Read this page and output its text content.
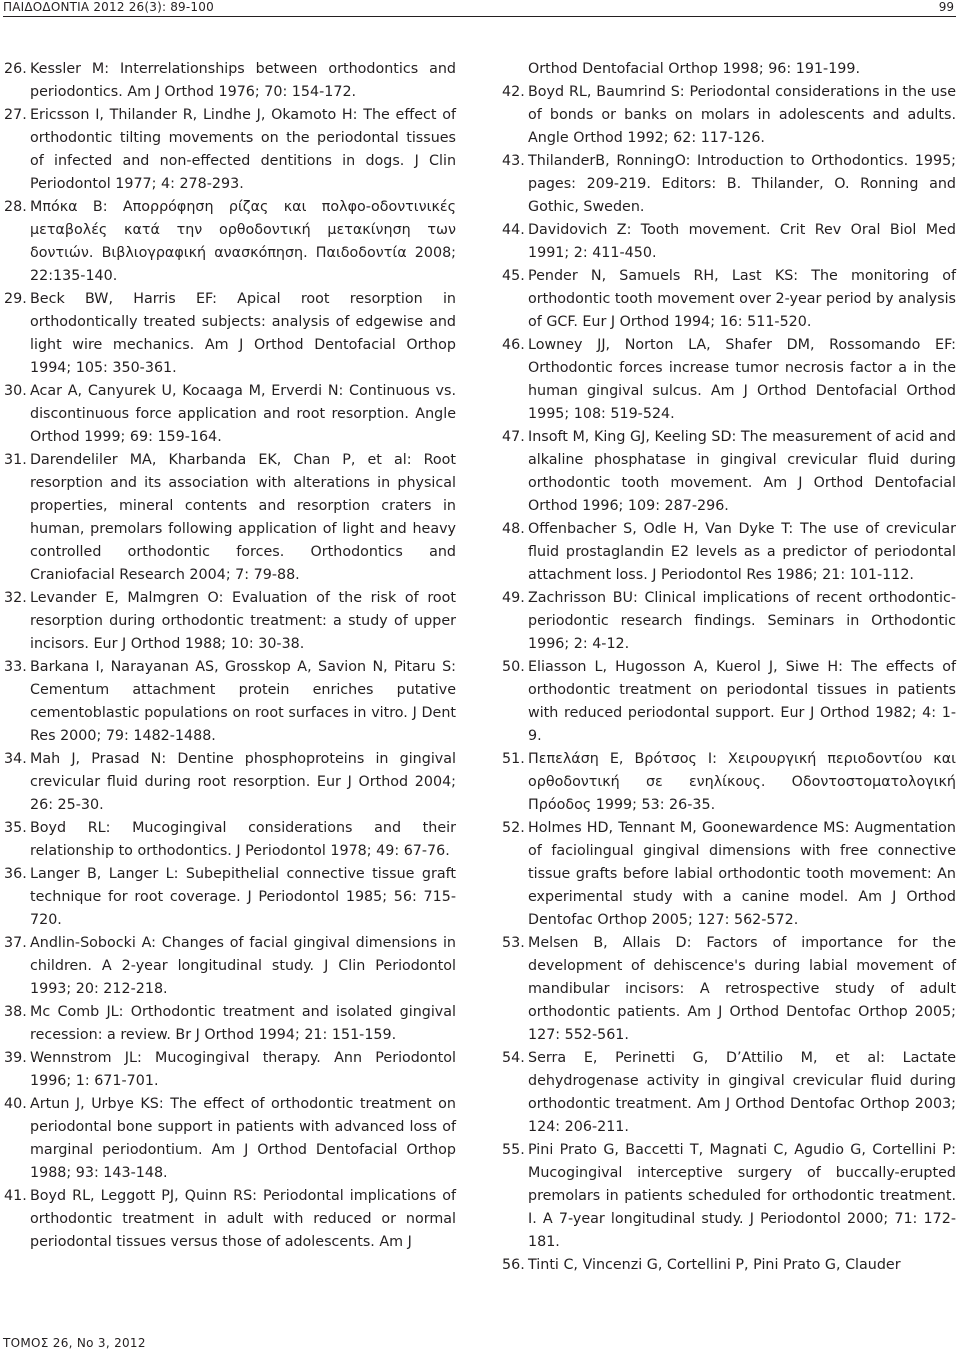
ΠΑΙΔΟΔΟΝΤΙΑ 2012 26(3): 89-100	99

26. Kessler M: Interrelationships between orthodontics and periodontics. Am J Orthod 1976; 70: 154-172.

27. Ericsson I, Thilander R, Lindhe J, Okamoto H: The effect of orthodontic tilting movements on the periodontal tissues of infected and non-effected dentitions in dogs. J Clin Periodontol 1977; 4: 278-293.

28. Μπόκα Β: Απορρόφηση ρίζας και πολφο-οδοντινικές μεταβολές κατά την ορθοδοντική μετακίνηση των δοντιών. Βιβλιογραφική ανασκόπηση. Παιδοδοντία 2008; 22:135-140.

29. Beck BW, Harris EF: Apical root resorption in orthodontically treated subjects: analysis of edgewise and light wire mechanics. Am J Orthod Dentofacial Orthop 1994; 105: 350-361.

30. Acar A, Canyurek U, Kocaaga M, Erverdi N: Continuous vs. discontinuous force application and root resorption. Angle Orthod 1999; 69: 159-164.

31. Darendeliler MA, Kharbanda EK, Chan P, et al: Root resorption and its association with alterations in physical properties, mineral contents and resorption craters in human, premolars following application of light and heavy controlled orthodontic forces. Orthodontics and Craniofacial Research 2004; 7: 79-88.

32. Levander E, Malmgren O: Evaluation of the risk of root resorption during orthodontic treatment: a study of upper incisors. Eur J Orthod 1988; 10: 30-38.

33. Barkana I, Narayanan AS, Grosskop A, Savion N, Pitaru S: Cementum attachment protein enriches putative cementoblastic populations on root surfaces in vitro. J Dent Res 2000; 79: 1482-1488.

34. Mah J, Prasad N: Dentine phosphoproteins in gingival crevicular fluid during root resorption. Eur J Orthod 2004; 26: 25-30.

35. Boyd RL: Mucogingival considerations and their relationship to orthodontics. J Periodontol 1978; 49: 67-76.

36. Langer B, Langer L: Subepithelial connective tissue graft technique for root coverage. J Periodontol 1985; 56: 715-720.

37. Andlin-Sobocki A: Changes of facial gingival dimensions in children. A 2-year longitudinal study. J Clin Periodontol 1993; 20: 212-218.

38. Mc Comb JL: Orthodontic treatment and isolated gingival recession: a review. Br J Orthod 1994; 21: 151-159.

39. Wennstrom JL: Mucogingival therapy. Ann Periodontol 1996; 1: 671-701.

40. Artun J, Urbye KS: The effect of orthodontic treatment on periodontal bone support in patients with advanced loss of marginal periodontium. Am J Orthod Dentofacial Orthop 1988; 93: 143-148.

41. Boyd RL, Leggott PJ, Quinn RS: Periodontal implications of orthodontic treatment in adult with reduced or normal periodontal tissues versus those of adolescents. Am J

Orthod Dentofacial Orthop 1998; 96: 191-199.

42. Boyd RL, Baumrind S: Periodontal considerations in the use of bonds or banks on molars in adolescents and adults. Angle Orthod 1992; 62: 117-126.

43. ThilanderB, RonningO: Introduction to Orthodontics. 1995; pages: 209-219. Editors: B. Thilander, O. Ronning and Gothic, Sweden.

44. Davidovich Z: Tooth movement. Crit Rev Oral Biol Med 1991; 2: 411-450.

45. Pender N, Samuels RH, Last KS: The monitoring of orthodontic tooth movement over 2-year period by analysis of GCF. Eur J Orthod 1994; 16: 511-520.

46. Lowney JJ, Norton LA, Shafer DM, Rossomando EF: Orthodontic forces increase tumor necrosis factor a in the human gingival sulcus. Am J Orthod Dentofacial Orthod 1995; 108: 519-524.

47. Insoft M, King GJ, Keeling SD: The measurement of acid and alkaline phosphatase in gingival crevicular fluid during orthodontic tooth movement. Am J Orthod Dentofacial Orthod 1996; 109: 287-296.

48. Offenbacher S, Odle H, Van Dyke T: The use of crevicular fluid prostaglandin E2 levels as a predictor of periodontal attachment loss. J Periodontol Res 1986; 21: 101-112.

49. Zachrisson BU: Clinical implications of recent orthodontic-periodontic research findings. Seminars in Orthodontic 1996; 2: 4-12.

50. Eliasson L, Hugosson A, Kuerol J, Siwe H: The effects of orthodontic treatment on periodontal tissues in patients with reduced periodontal support. Eur J Orthod 1982; 4: 1-9.

51. Πεπελάση Ε, Βρότσος Ι: Χειρουργική περιοδοντίου και ορθοδοντική σε ενηλίκους. Οδοντοστοματολογική Πρόοδος 1999; 53: 26-35.

52. Holmes HD, Tennant M, Goonewardence MS: Augmentation of faciolingual gingival dimensions with free connective tissue grafts before labial orthodontic tooth movement: An experimental study with a canine model. Am J Orthod Dentofac Orthop 2005; 127: 562-572.

53. Melsen B, Allais D: Factors of importance for the development of dehiscence's during labial movement of mandibular incisors: A retrospective study of adult orthodontic patients. Am J Orthod Dentofac Orthop 2005; 127: 552-561.

54. Serra E, Perinetti G, D’Attilio M, et al: Lactate dehydrogenase activity in gingival crevicular fluid during orthodontic treatment. Am J Orthod Dentofac Orthop 2003; 124: 206-211.

55. Pini Prato G, Baccetti T, Magnati C, Agudio G, Cortellini P: Mucogingival interceptive surgery of buccally-erupted premolars in patients scheduled for orthodontic treatment. I. A 7-year longitudinal study. J Periodontol 2000; 71: 172-181.

56. Tinti C, Vincenzi G, Cortellini P, Pini Prato G, Clauder

ΤΟΜΟΣ 26, Νο 3, 2012
